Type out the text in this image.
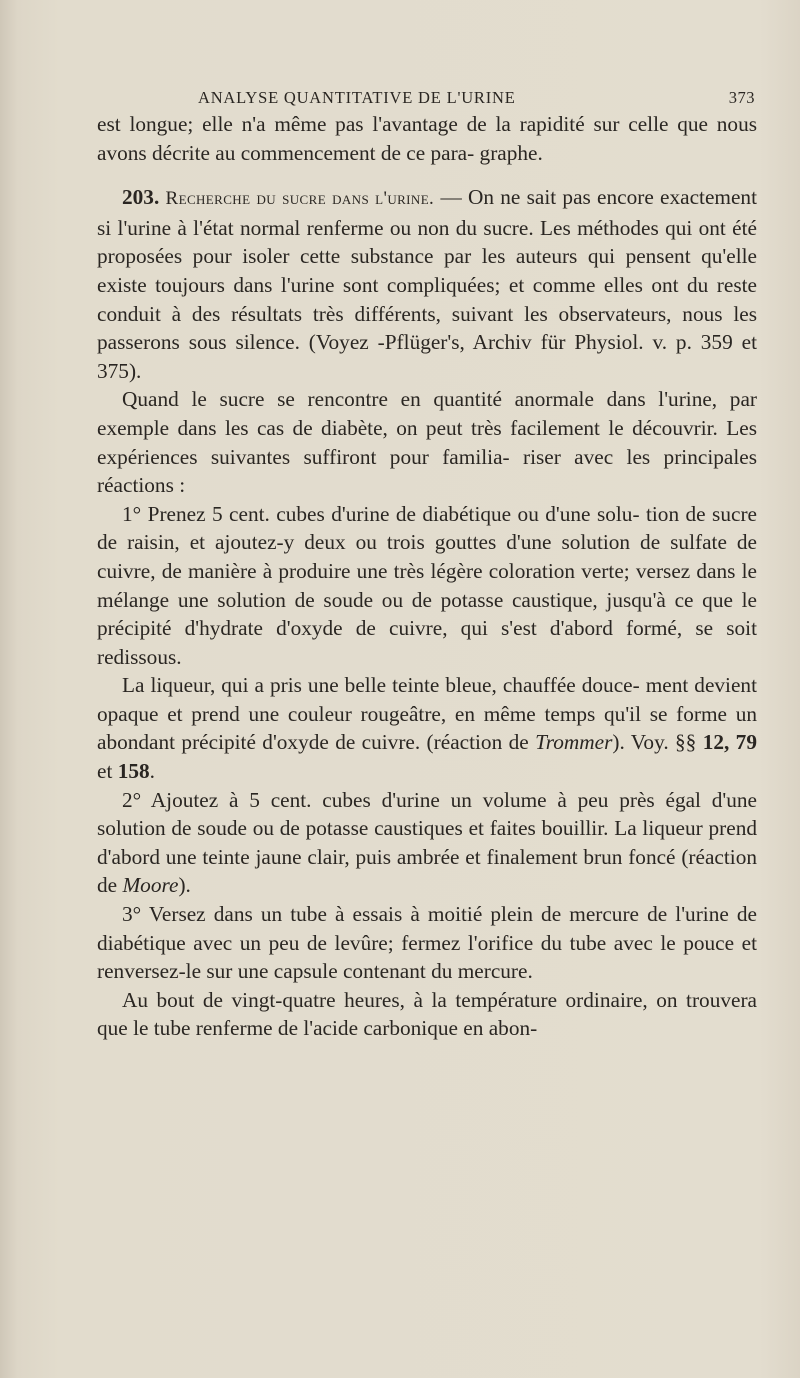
ANALYSE QUANTITATIVE DE L'URINE	373

est longue; elle n'a même pas l'avantage de la rapidité sur celle que nous avons décrite au commencement de ce para- graphe.

203. Recherche du sucre dans l'urine. — On ne sait pas encore exactement si l'urine à l'état normal renferme ou non du sucre. Les méthodes qui ont été proposées pour isoler cette substance par les auteurs qui pensent qu'elle existe toujours dans l'urine sont compliquées; et comme elles ont du reste conduit à des résultats très différents, suivant les observateurs, nous les passerons sous silence. (Voyez ‑Pflüger's, Archiv für Physiol. v. p. 359 et 375).

Quand le sucre se rencontre en quantité anormale dans l'urine, par exemple dans les cas de diabète, on peut très facilement le découvrir. Les expériences suivantes suffiront pour familia- riser avec les principales réactions :

1° Prenez 5 cent. cubes d'urine de diabétique ou d'une solu- tion de sucre de raisin, et ajoutez-y deux ou trois gouttes d'une solution de sulfate de cuivre, de manière à produire une très légère coloration verte; versez dans le mélange une solution de soude ou de potasse caustique, jusqu'à ce que le précipité d'hydrate d'oxyde de cuivre, qui s'est d'abord formé, se soit redissous.

La liqueur, qui a pris une belle teinte bleue, chauffée douce- ment devient opaque et prend une couleur rougeâtre, en même temps qu'il se forme un abondant précipité d'oxyde de cuivre. (réaction de Trommer). Voy. §§ 12, 79 et 158.

2° Ajoutez à 5 cent. cubes d'urine un volume à peu près égal d'une solution de soude ou de potasse caustiques et faites bouillir. La liqueur prend d'abord une teinte jaune clair, puis ambrée et finalement brun foncé (réaction de Moore).

3° Versez dans un tube à essais à moitié plein de mercure de l'urine de diabétique avec un peu de levûre; fermez l'orifice du tube avec le pouce et renversez-le sur une capsule contenant du mercure.

Au bout de vingt-quatre heures, à la température ordinaire, on trouvera que le tube renferme de l'acide carbonique en abon-
